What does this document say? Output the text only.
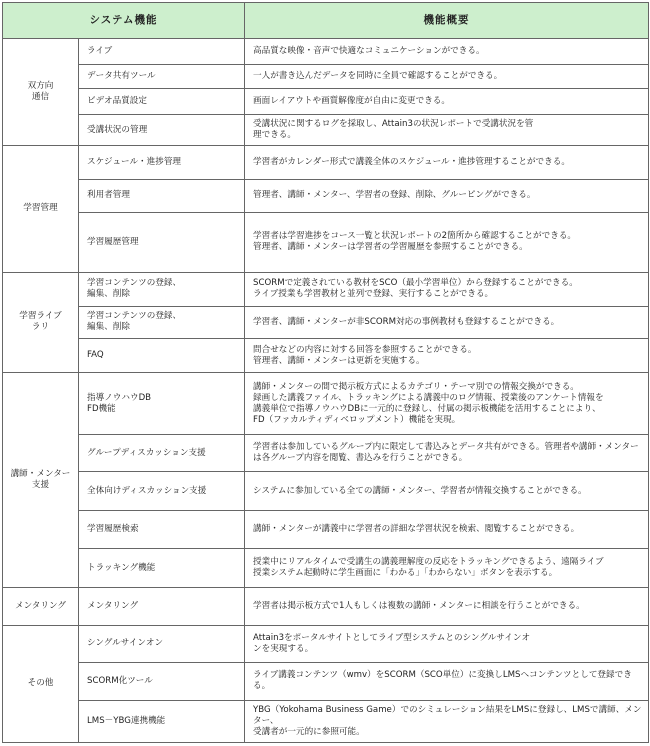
システム機能		機能概要
双方向
通信	ライブ	高品質な映像・音声で快適なコミュニケーションができる。
	データ共有ツール	一人が書き込んだデータを同時に全員で確認することができる。
	ビデオ品質設定	画面レイアウトや画質解像度が自由に変更できる。
	受講状況の管理	受講状況に関するログを採取し、Attain3の状況レポートで受講状況を管
理できる。
学習管理	スケジュール・進捗管理	学習者がカレンダー形式で講義全体のスケジュール・進捗管理することができる。
	利用者管理	管理者、講師・メンター、学習者の登録、削除、グルーピングができる。
	学習履歴管理	学習者は学習進捗をコース一覧と状況レポートの2箇所から確認することができる。
管理者、講師・メンターは学習者の学習履歴を参照することができる。
学習ライブ
ラリ	学習コンテンツの登録、
編集、削除	SCORMで定義されている教材をSCO（最小学習単位）から登録することができる。
ライブ授業も学習教材と並列で登録、実行することができる。
	学習コンテンツの登録、
編集、削除	学習者、講師・メンターが非SCORM対応の事例教材も登録することができる。
	FAQ	問合せなどの内容に対する回答を参照することができる。
管理者、講師・メンターは更新を実施する。
講師・メンター
支援	指導ノウハウDB
FD機能	講師・メンターの間で掲示板方式によるカテゴリ・テーマ別での情報交換ができる。
録画した講義ファイル、トラッキングによる講義中のログ情報、授業後のアンケート情報を
講義単位で指導ノウハウDBに一元的に登録し、付属の掲示板機能を活用することにより、
FD（ファカルティディベロップメント）機能を実現。
	グループディスカッション支援	学習者は参加しているグループ内に限定して書込みとデータ共有ができる。管理者や講師・メンター
は各グループ内容を閲覧、書込みを行うことができる。
	全体向けディスカッション支援	システムに参加している全ての講師・メンター、学習者が情報交換することができる。
	学習履歴検索	講師・メンターが講義中に学習者の詳細な学習状況を検索、閲覧することができる。
	トラッキング機能	授業中にリアルタイムで受講生の講義理解度の反応をトラッキングできるよう、遠隔ライブ
授業システム起動時に学生画面に「わかる」「わからない」ボタンを表示する。
メンタリング	メンタリング	学習者は掲示板方式で1人もしくは複数の講師・メンターに相談を行うことができる。
その他	シングルサインオン	Attain3をポータルサイトとしてライブ型システムとのシングルサインオ
ンを実現する。
	SCORM化ツール	ライブ講義コンテンツ（wmv）をSCORM（SCO単位）に変換しLMSへコンテンツとして登録できる。
	LMS－YBG連携機能	YBG（Yokohama Business Game）でのシミュレーション結果をLMSに登録し、LMSで講師、メンター、
受講者が一元的に参照可能。
